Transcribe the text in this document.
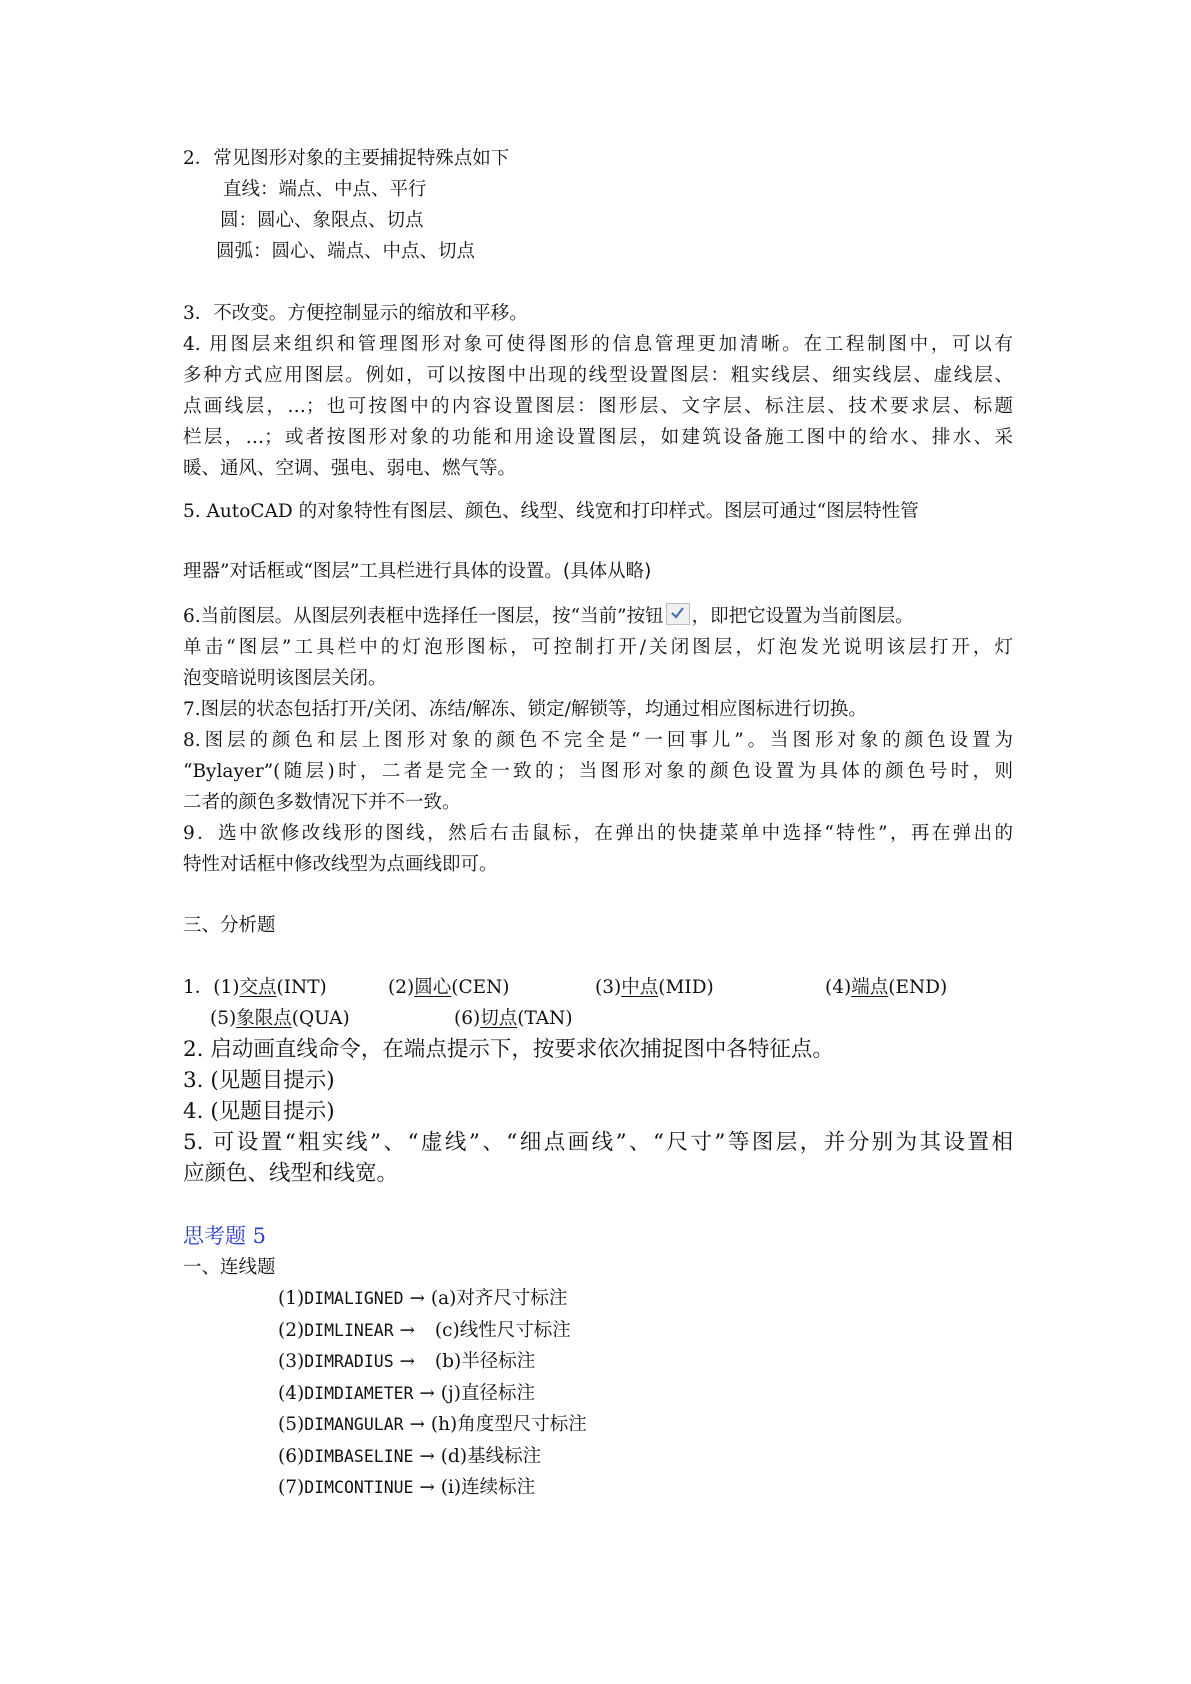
2．常见图形对象的主要捕捉特殊点如下
直线：端点、中点、平行
圆：圆心、象限点、切点
圆弧：圆心、端点、中点、切点
3．不改变。方便控制显示的缩放和平移。
4. 用图层来组织和管理图形对象可使得图形的信息管理更加清晰。在工程制图中，可以有
多种方式应用图层。例如，可以按图中出现的线型设置图层：粗实线层、细实线层、虚线层、
点画线层，…；也可按图中的内容设置图层：图形层、文字层、标注层、技术要求层、标题
栏层，…；或者按图形对象的功能和用途设置图层，如建筑设备施工图中的给水、排水、采
暖、通风、空调、强电、弱电、燃气等。
5. AutoCAD 的对象特性有图层、颜色、线型、线宽和打印样式。图层可通过“图层特性管
理器”对话框或“图层”工具栏进行具体的设置。(具体从略)
6.当前图层。从图层列表框中选择任一图层，按“当前”按钮 ，即把它设置为当前图层。
单击“图层”工具栏中的灯泡形图标，可控制打开/关闭图层，灯泡发光说明该层打开，灯
泡变暗说明该图层关闭。
7.图层的状态包括打开/关闭、冻结/解冻、锁定/解锁等，均通过相应图标进行切换。
8.图层的颜色和层上图形对象的颜色不完全是“一回事儿”。当图形对象的颜色设置为
“Bylayer”(随层)时，二者是完全一致的；当图形对象的颜色设置为具体的颜色号时，则
二者的颜色多数情况下并不一致。
9．选中欲修改线形的图线，然后右击鼠标，在弹出的快捷菜单中选择“特性”，再在弹出的
特性对话框中修改线型为点画线即可。
三、分析题
1．(1)交点(INT)	(2)圆心(CEN)	(3)中点(MID)	(4)端点(END)
(5)象限点(QUA)	(6)切点(TAN)
2. 启动画直线命令，在端点提示下，按要求依次捕捉图中各特征点。
3. (见题目提示)
4. (见题目提示)
5. 可设置“粗实线”、“虚线”、“细点画线”、“尺寸”等图层，并分别为其设置相
应颜色、线型和线宽。
思考题 5
一、连线题
(1)DIMALIGNED → (a)对齐尺寸标注
(2)DIMLINEAR → (c)线性尺寸标注
(3)DIMRADIUS → (b)半径标注
(4)DIMDIAMETER → (j)直径标注
(5)DIMANGULAR → (h)角度型尺寸标注
(6)DIMBASELINE → (d)基线标注
(7)DIMCONTINUE → (i)连续标注
